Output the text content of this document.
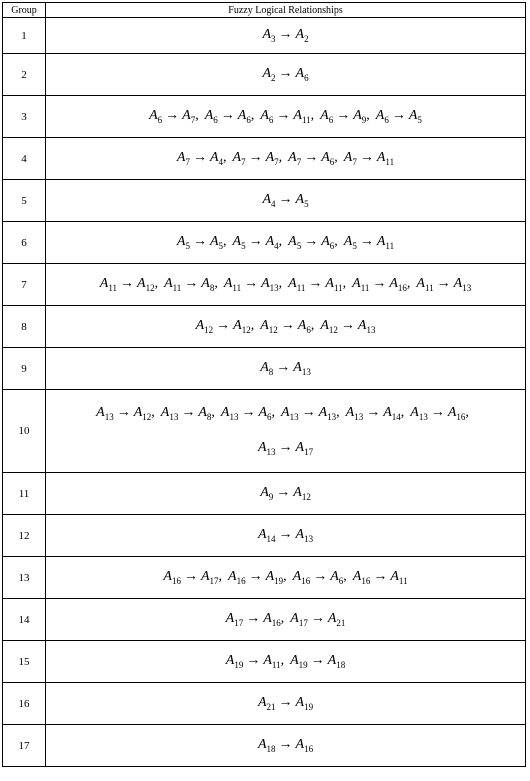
Group	Fuzzy Logical Relationships
1	$A_3 \to A_2$

2	$A_2 \to A_6$

3	$A_6 \to A_7$, $A_6 \to A_6$, $A_6 \to A_{11}$, $A_6 \to A_9$, $A_6 \to A_5$

4	$A_7 \to A_4$, $A_7 \to A_7$, $A_7 \to A_6$, $A_7 \to A_{11}$

5	$A_4 \to A_5$

6	$A_5 \to A_5$, $A_5 \to A_4$, $A_5 \to A_6$, $A_5 \to A_{11}$

7	$A_{11} \to A_{12}$, $A_{11} \to A_8$, $A_{11} \to A_{13}$, $A_{11} \to A_{11}$, $A_{11} \to A_{16}$, $A_{11} \to A_{13}$

8	$A_{12} \to A_{12}$, $A_{12} \to A_6$, $A_{12} \to A_{13}$

9	$A_8 \to A_{13}$

10	$A_{13} \to A_{12}$, $A_{13} \to A_8$, $A_{13} \to A_6$, $A_{13} \to A_{13}$, $A_{13} \to A_{14}$, $A_{13} \to A_{16}$,
$A_{13} \to A_{17}$

11	$A_9 \to A_{12}$

12	$A_{14} \to A_{13}$

13	$A_{16} \to A_{17}$, $A_{16} \to A_{19}$, $A_{16} \to A_6$, $A_{16} \to A_{11}$

14	$A_{17} \to A_{16}$, $A_{17} \to A_{21}$

15	$A_{19} \to A_{11}$, $A_{19} \to A_{18}$

16	$A_{21} \to A_{19}$

17	$A_{18} \to A_{16}$
